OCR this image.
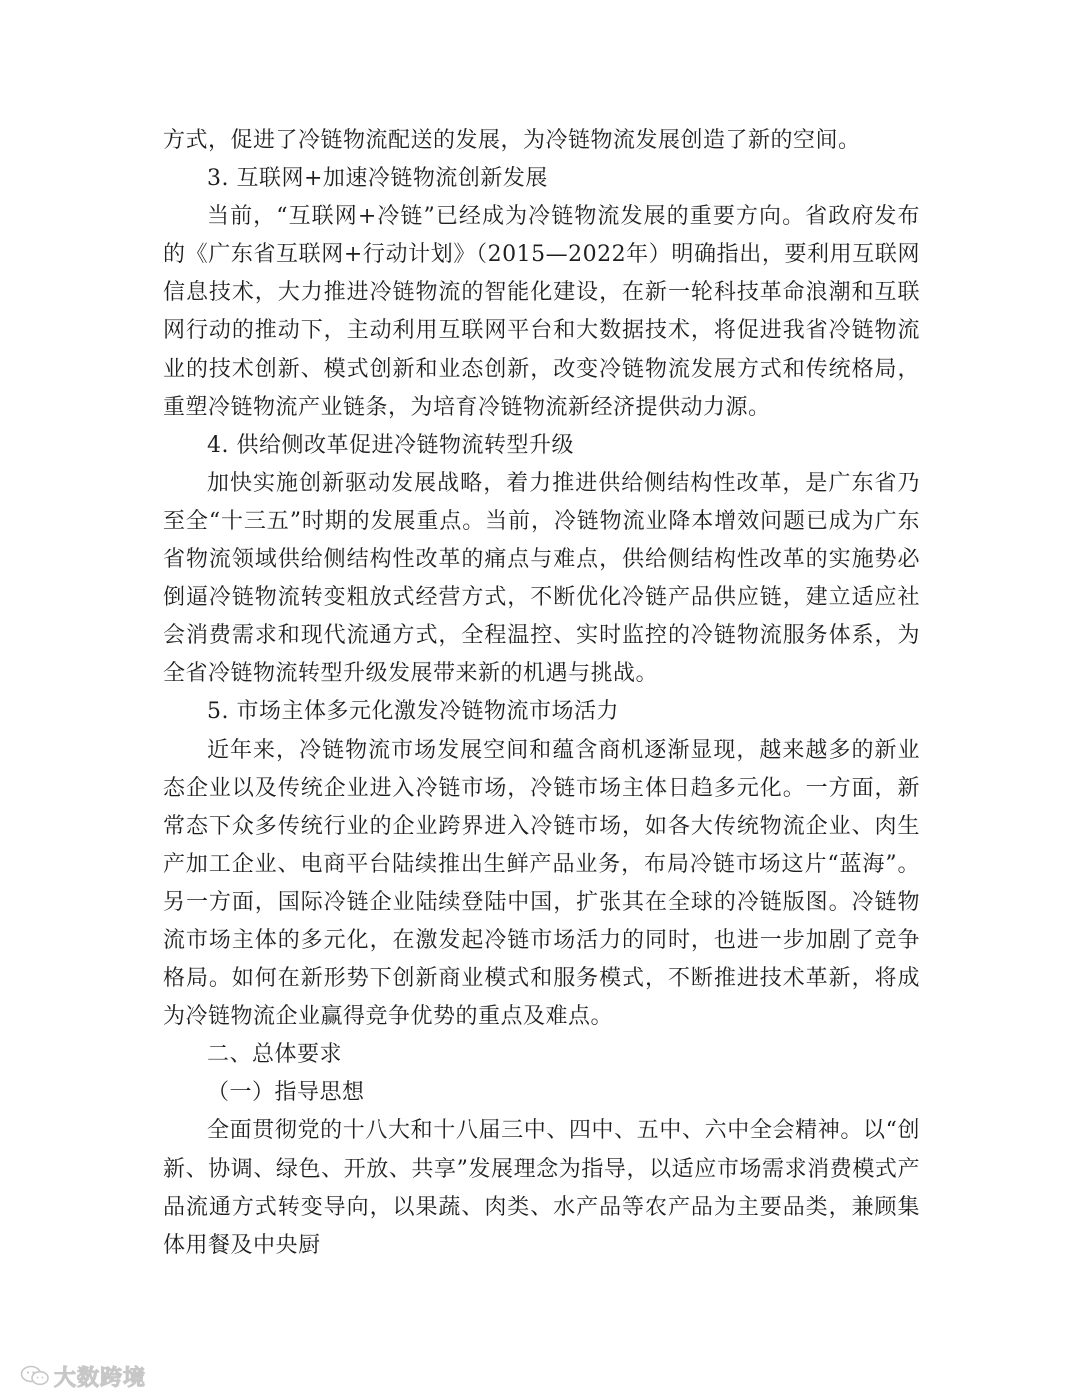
方式，促进了冷链物流配送的发展，为冷链物流发展创造了新的空间。

3. 互联网+加速冷链物流创新发展

当前，“互联网+冷链”已经成为冷链物流发展的重要方向。省政府发布的《广东省互联网+行动计划》（2015—2022年）明确指出，要利用互联网信息技术，大力推进冷链物流的智能化建设，在新一轮科技革命浪潮和互联网行动的推动下，主动利用互联网平台和大数据技术，将促进我省冷链物流业的技术创新、模式创新和业态创新，改变冷链物流发展方式和传统格局，重塑冷链物流产业链条，为培育冷链物流新经济提供动力源。

4. 供给侧改革促进冷链物流转型升级

加快实施创新驱动发展战略，着力推进供给侧结构性改革，是广东省乃至全“十三五”时期的发展重点。当前，冷链物流业降本增效问题已成为广东省物流领域供给侧结构性改革的痛点与难点，供给侧结构性改革的实施势必倒逼冷链物流转变粗放式经营方式，不断优化冷链产品供应链，建立适应社会消费需求和现代流通方式，全程温控、实时监控的冷链物流服务体系，为全省冷链物流转型升级发展带来新的机遇与挑战。

5. 市场主体多元化激发冷链物流市场活力

近年来，冷链物流市场发展空间和蕴含商机逐渐显现，越来越多的新业态企业以及传统企业进入冷链市场，冷链市场主体日趋多元化。一方面，新常态下众多传统行业的企业跨界进入冷链市场，如各大传统物流企业、肉生产加工企业、电商平台陆续推出生鲜产品业务，布局冷链市场这片“蓝海”。另一方面，国际冷链企业陆续登陆中国，扩张其在全球的冷链版图。冷链物流市场主体的多元化，在激发起冷链市场活力的同时，也进一步加剧了竞争格局。如何在新形势下创新商业模式和服务模式，不断推进技术革新，将成为冷链物流企业赢得竞争优势的重点及难点。

二、总体要求

（一）指导思想

全面贯彻党的十八大和十八届三中、四中、五中、六中全会精神。以“创新、协调、绿色、开放、共享”发展理念为指导，以适应市场需求消费模式产品流通方式转变导向，以果蔬、肉类、水产品等农产品为主要品类，兼顾集体用餐及中央厨

大数跨境
